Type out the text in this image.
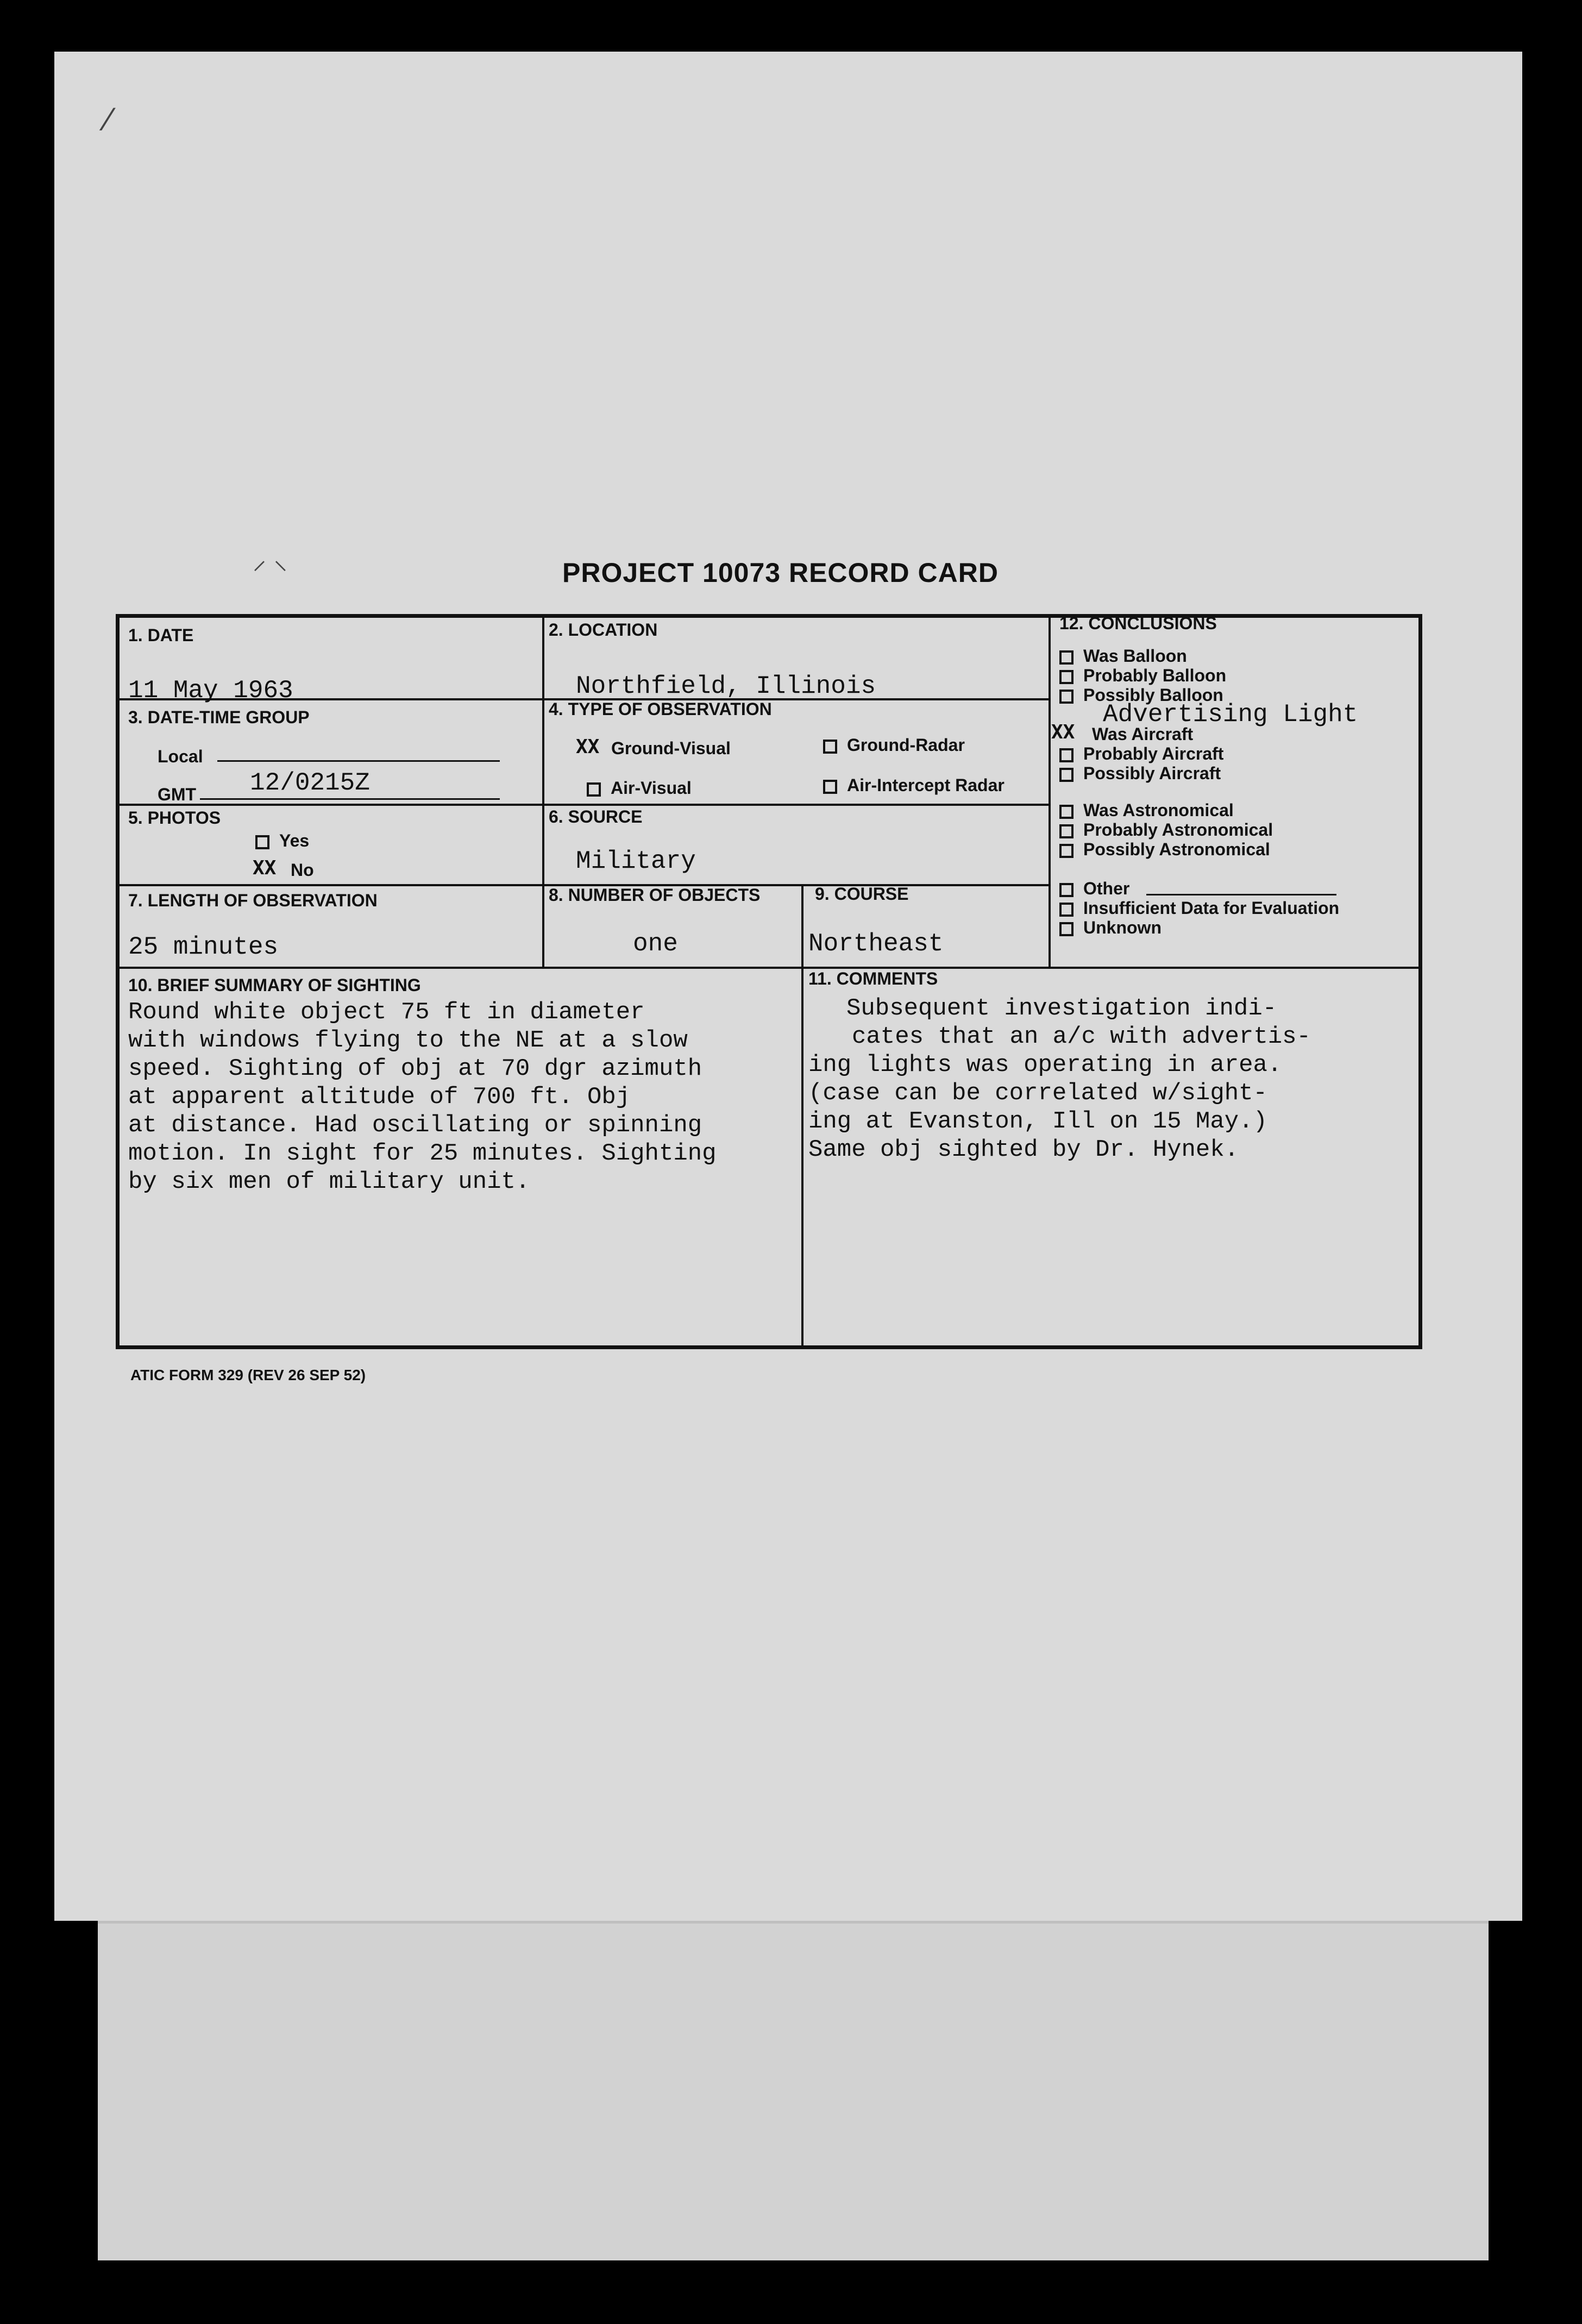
⁄
⸍ ⸌	PROJECT 10073 RECORD CARD
1. DATE
11 May 1963
2. LOCATION
Northfield, Illinois
3. DATE-TIME GROUP
Local
GMT 12/0215Z
4. TYPE OF OBSERVATION
XX Ground-Visual	Ground-Radar
Air-Visual	Air-Intercept Radar
5. PHOTOS
Yes
XX No
6. SOURCE
Military
7. LENGTH OF OBSERVATION
25 minutes
8. NUMBER OF OBJECTS
one
9. COURSE
Northeast
10. BRIEF SUMMARY OF SIGHTING
Round white object 75 ft in diameter
with windows flying to the NE at a slow
speed. Sighting of obj at 70 dgr azimuth
at apparent altitude of 700 ft. Obj
at distance. Had oscillating or spinning
motion. In sight for 25 minutes. Sighting
by six men of military unit.
11. COMMENTS
Subsequent investigation indi-
cates that an a/c with advertis-
ing lights was operating in area.
(case can be correlated w/sight-
ing at Evanston, Ill on 15 May.)
Same obj sighted by Dr. Hynek.
12. CONCLUSIONS
Was Balloon
Probably Balloon
Possibly Balloon
Advertising Light
XX Was Aircraft
Probably Aircraft
Possibly Aircraft
Was Astronomical
Probably Astronomical
Possibly Astronomical
Other
Insufficient Data for Evaluation
Unknown
ATIC FORM 329 (REV 26 SEP 52)
